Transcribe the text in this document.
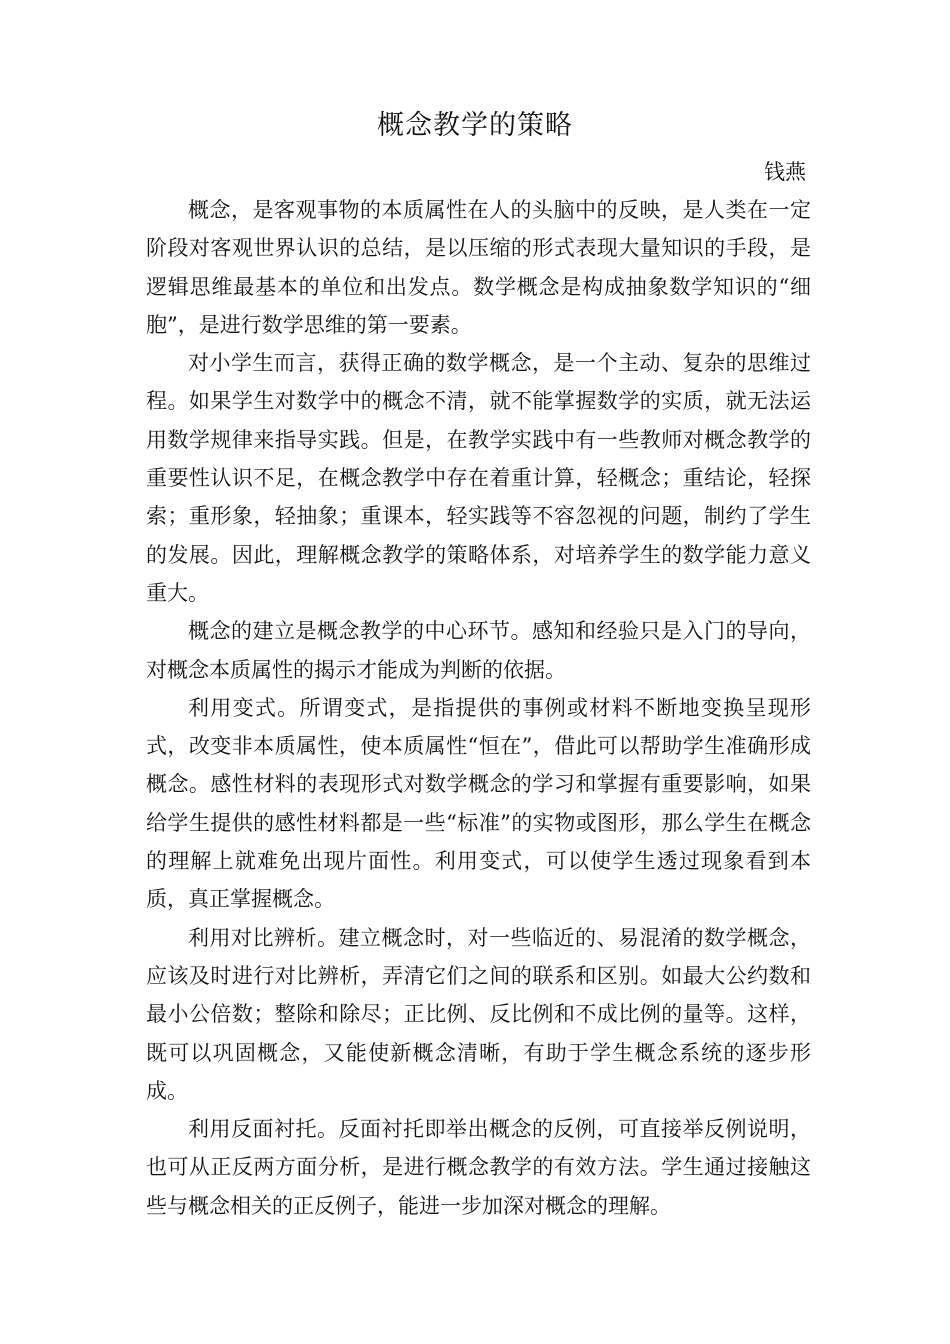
概念教学的策略
钱燕

概念，是客观事物的本质属性在人的头脑中的反映，是人类在一定阶段对客观世界认识的总结，是以压缩的形式表现大量知识的手段，是逻辑思维最基本的单位和出发点。数学概念是构成抽象数学知识的“细胞”，是进行数学思维的第一要素。

对小学生而言，获得正确的数学概念，是一个主动、复杂的思维过程。如果学生对数学中的概念不清，就不能掌握数学的实质，就无法运用数学规律来指导实践。但是，在教学实践中有一些教师对概念教学的重要性认识不足，在概念教学中存在着重计算，轻概念；重结论，轻探索；重形象，轻抽象；重课本，轻实践等不容忽视的问题，制约了学生的发展。因此，理解概念教学的策略体系，对培养学生的数学能力意义重大。

概念的建立是概念教学的中心环节。感知和经验只是入门的导向，对概念本质属性的揭示才能成为判断的依据。

利用变式。所谓变式，是指提供的事例或材料不断地变换呈现形式，改变非本质属性，使本质属性“恒在”，借此可以帮助学生准确形成概念。感性材料的表现形式对数学概念的学习和掌握有重要影响，如果给学生提供的感性材料都是一些“标准”的实物或图形，那么学生在概念的理解上就难免出现片面性。利用变式，可以使学生透过现象看到本质，真正掌握概念。

利用对比辨析。建立概念时，对一些临近的、易混淆的数学概念，应该及时进行对比辨析，弄清它们之间的联系和区别。如最大公约数和最小公倍数；整除和除尽；正比例、反比例和不成比例的量等。这样，既可以巩固概念，又能使新概念清晰，有助于学生概念系统的逐步形成。

利用反面衬托。反面衬托即举出概念的反例，可直接举反例说明，也可从正反两方面分析，是进行概念教学的有效方法。学生通过接触这些与概念相关的正反例子，能进一步加深对概念的理解。
